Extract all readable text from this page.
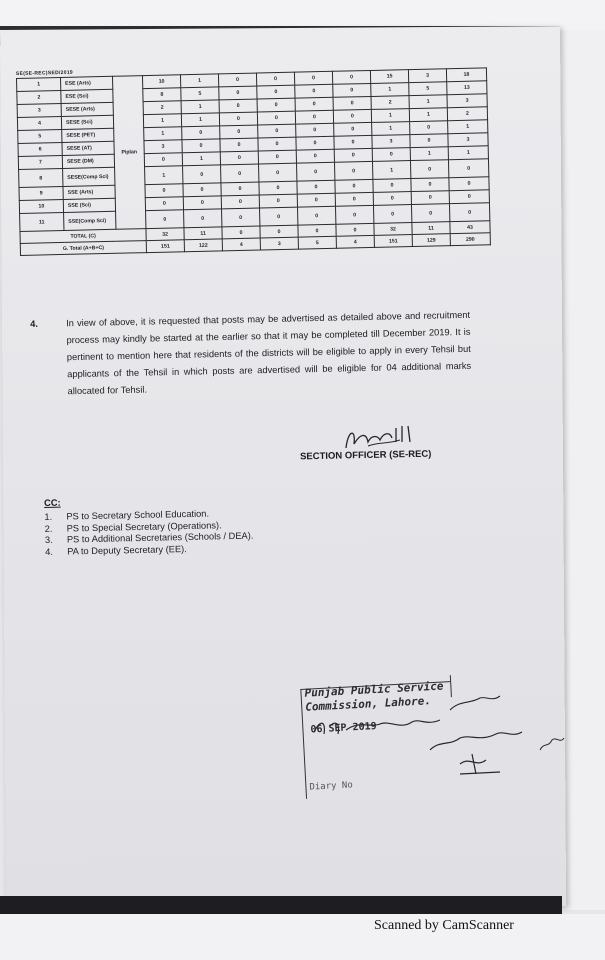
SE(SE-REC)SED/2019
1	ESE (Arts)	Piplan	10	1	0	0	0	0	15	3	18
2	ESE (Sci)		8	5	0	0	0	0	1	5	13
3	SESE (Arts)		2	1	0	0	0	0	2	1	3
4	SESE (Sci)		1	1	0	0	0	0	1	1	2
5	SESE (PET)		1	0	0	0	0	0	1	0	1
6	SESE (AT)		3	0	0	0	0	0	3	0	3
7	SESE (DM)		0	1	0	0	0	0	0	1	1
8	SESE(Comp Sci)		1	0	0	0	0	0	1	0	0
9	SSE (Arts)		0	0	0	0	0	0	0	0	0
10	SSE (Sci)		0	0	0	0	0	0	0	0	0
11	SSE(Comp Sci)		0	0	0	0	0	0	0	0	0
TOTAL (C)			32	11	0	0	0	0	32	11	43
G. Total (A+B+C)			151	122	4	3	5	4	151	129	290
4.	In view of above, it is requested that posts may be advertised as detailed above and recruitment process may kindly be started at the earlier so that it may be completed till December 2019. It is pertinent to mention here that residents of the districts will be eligible to apply in every Tehsil but applicants of the Tehsil in which posts are advertised will be eligible for 04 additional marks allocated for Tehsil.
SECTION OFFICER (SE-REC)
CC:
1. PS to Secretary School Education.
2. PS to Special Secretary (Operations).
3. PS to Additional Secretaries (Schools / DEA).
4. PA to Deputy Secretary (EE).
Punjab Public Service
Commission, Lahore.
06 SEP 2019
Diary No
Scanned by CamScanner
